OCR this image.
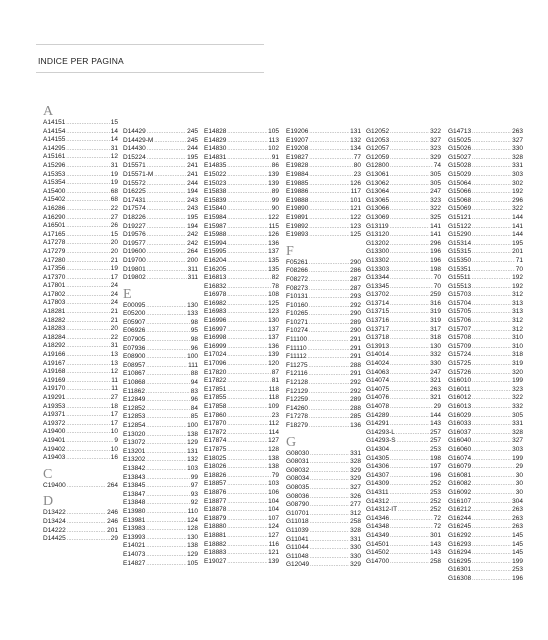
INDICE PER PAGINA
A
A14151 .....	15
A14154 .....	14
A14155 .....	14
A14295 .....	31
A15161 .....	12
A15296 .....	31
A15353 .....	19
A15354 .....	19
A15400 .....	68
A15402 .....	68
A16286 .....	22
A16290 .....	27
A16501 .....	26
A17165 .....	15
A17278 .....	20
A17279 .....	20
A17280 .....	21
A17356 .....	19
A17370 .....	17
A17801 .....	24
A17802 .....	24
A17803 .....	24
A18281 .....	21
A18282 .....	21
A18283 .....	20
A18284 .....	22
A18292 .....	31
A19166 .....	13
A19167 .....	13
A19168 .....	12
A19169 .....	11
A19170 .....	11
A19291 .....	27
A19353 .....	18
A19371 .....	17
A19372 .....	17
A19400 .....	10
A19401 .....	9
A19402 .....	10
A19403 .....	16
C
C19400 .....	264
D
D13422 .....	246
D13424 .....	246
D14222 .....	201
D14425 .....	29
D14429 .....	245
D14429-M .....	245
D14430 .....	244
D15224 .....	195
D15571 .....	241
D15571-M .....	241
D15572 .....	244
D16225 .....	194
D17431 .....	243
D17574 .....	243
D18226 .....	195
D19227 .....	194
D19576 .....	242
D19577 .....	242
D19600 .....	264
D19700 .....	200
D19801 .....	311
D19802 .....	311
E
E00095 .....	130
E05200 .....	133
E05907 .....	98
E06926 .....	95
E07905 .....	98
E07936 .....	96
E08900 .....	100
E08957 .....	111
E10867 .....	88
E10868 .....	94
E11862 .....	83
E12849 .....	96
E12852 .....	84
E12853 .....	85
E12854 .....	100
E13020 .....	138
E13072 .....	129
E13201 .....	131
E13202 .....	132
E13842 .....	103
E13843 .....	99
E13845 .....	97
E13847 .....	93
E13848 .....	92
E13980 .....	110
E13981 .....	124
E13983 .....	128
E13993 .....	130
E14021 .....	138
E14073 .....	129
E14827 .....	105
E14828 .....	105
E14829 .....	113
E14830 .....	102
E14831 .....	91
E14835 .....	86
E15022 .....	139
E15023 .....	139
E15838 .....	89
E15839 .....	99
E15840 .....	90
E15984 .....	122
E15987 .....	115
E15988 .....	126
E15994 .....	136
E15995 .....	137
E16204 .....	135
E16205 .....	135
E16813 .....	82
E16832 .....	78
E16978 .....	108
E16982 .....	125
E16983 .....	123
E16996 .....	130
E16997 .....	137
E16998 .....	137
E16999 .....	136
E17024 .....	139
E17096 .....	120
E17820 .....	87
E17822 .....	81
E17851 .....	118
E17855 .....	118
E17858 .....	109
E17860 .....	23
E17870 .....	112
E17872 .....	114
E17874 .....	127
E17875 .....	128
E18025 .....	138
E18026 .....	138
E18826 .....	79
E18857 .....	103
E18876 .....	106
E18877 .....	104
E18878 .....	104
E18879 .....	107
E18880 .....	124
E18881 .....	127
E18882 .....	116
E18883 .....	121
E19027 .....	139
E19206 .....	131
E19207 .....	132
E19208 .....	134
E19827 .....	77
E19828 .....	80
E19884 .....	23
E19885 .....	126
E19886 .....	117
E19888 .....	101
E19890 .....	121
E19891 .....	122
E19892 .....	123
E19893 .....	125
F
F05261 .....	290
F08266 .....	286
F08272 .....	287
F08273 .....	287
F10131 .....	293
F10160 .....	292
F10265 .....	290
F10271 .....	289
F10274 .....	290
F11100 .....	291
F11110 .....	291
F11112 .....	291
F11275 .....	288
F12116 .....	291
F12128 .....	292
F12129 .....	292
F12259 .....	289
F14260 .....	288
F17278 .....	285
F18279 .....	136
G
G08030 .....	331
G08031 .....	328
G08032 .....	329
G08034 .....	329
G08035 .....	327
G08036 .....	326
G08790 .....	277
G10701 .....	312
G11018 .....	258
G11039 .....	328
G11041 .....	331
G11044 .....	330
G11048 .....	330
G12049 .....	329
G12052 .....	322
G12053 .....	327
G12057 .....	323
G12059 .....	329
G12800 .....	74
G13061 .....	305
G13062 .....	305
G13064 .....	247
G13065 .....	323
G13066 .....	322
G13069 .....	325
G13119 .....	141
G13120 .....	141
G13202 .....	296
G13300 .....	196
G13302 .....	196
G13303 .....	198
G13344 .....	70
G13345 .....	70
G13702 .....	259
G13714 .....	316
G13715 .....	319
G13716 .....	319
G13717 .....	317
G13718 .....	318
G13913 .....	130
G14014 .....	332
G14024 .....	330
G14063 .....	247
G14074 .....	321
G14075 .....	263
G14076 .....	321
G14078 .....	29
G14289 .....	144
G14291 .....	143
G14293-L .....	257
G14293-S .....	257
G14304 .....	253
G14305 .....	198
G14306 .....	197
G14307 .....	196
G14309 .....	252
G14311 .....	253
G14312 .....	252
G14312-IT .....	252
G14346 .....	72
G14348 .....	72
G14349 .....	301
G14501 .....	143
G14502 .....	143
G14700 .....	258
G14713 .....	263
G15025 .....	327
G15026 .....	330
G15027 .....	328
G15028 .....	331
G15029 .....	303
G15064 .....	302
G15066 .....	192
G15068 .....	296
G15069 .....	322
G15121 .....	144
G15122 .....	141
G15290 .....	144
G15314 .....	195
G15315 .....	201
G15350 .....	71
G15351 .....	70
G15511 .....	192
G15513 .....	192
G15703 .....	312
G15704 .....	313
G15705 .....	313
G15706 .....	312
G15707 .....	312
G15708 .....	310
G15709 .....	310
G15724 .....	318
G15725 .....	319
G15726 .....	320
G16010 .....	199
G16011 .....	323
G16012 .....	322
G16013 .....	332
G16029 .....	305
G16033 .....	331
G16037 .....	328
G16040 .....	327
G16060 .....	303
G16074 .....	199
G16079 .....	29
G16081 .....	30
G16082 .....	30
G16092 .....	30
G16107 .....	304
G16212 .....	263
G16244 .....	263
G16245 .....	263
G16292 .....	145
G16293 .....	145
G16294 .....	145
G16295 .....	199
G16301 .....	253
G16308 .....	196
